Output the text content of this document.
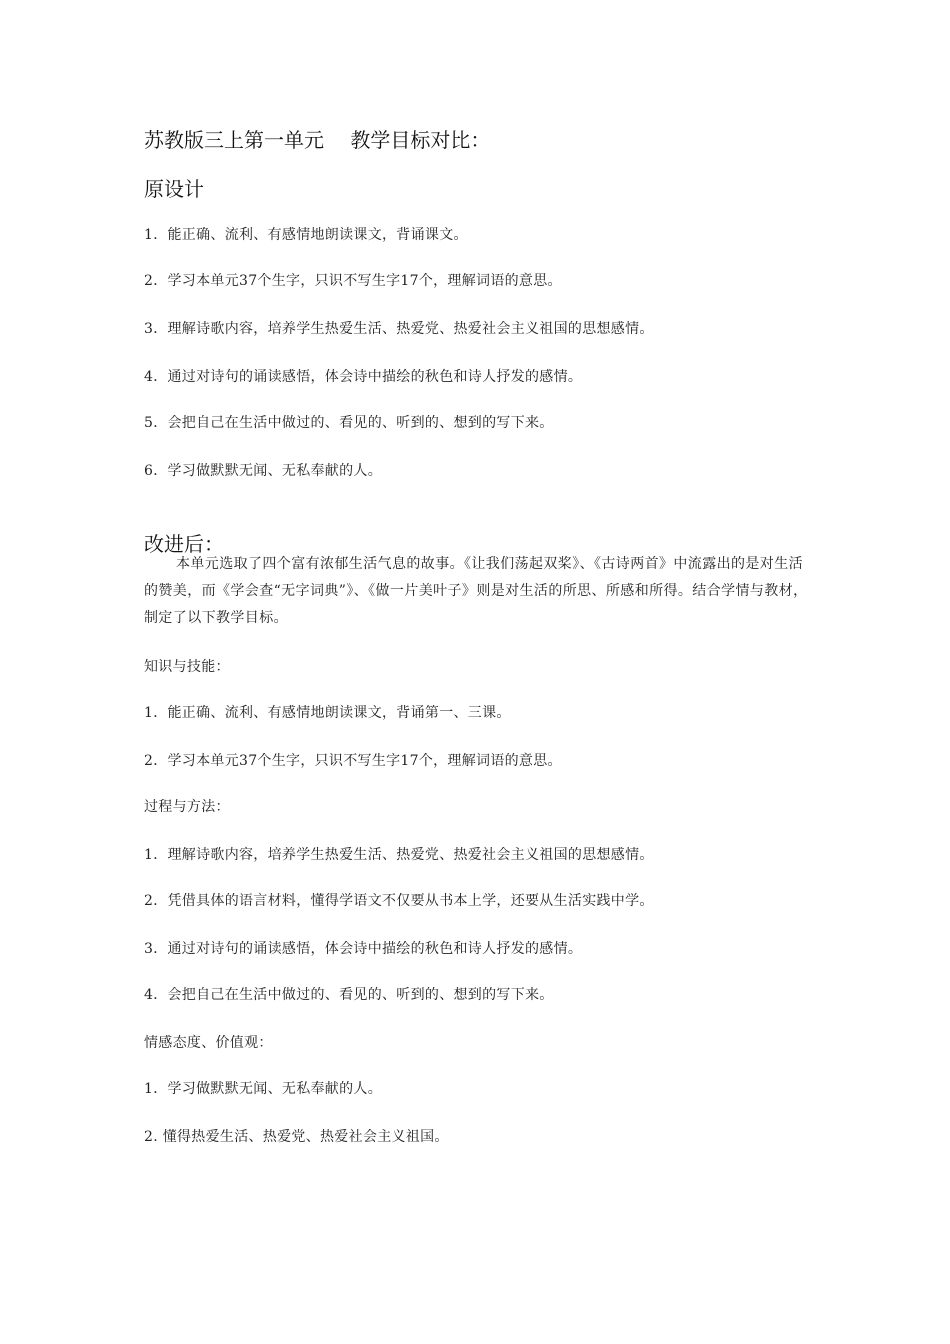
苏教版三上第一单元　 教学目标对比：
原设计

1．能正确、流利、有感情地朗读课文，背诵课文。

2．学习本单元37个生字，只识不写生字17个，理解词语的意思。

3．理解诗歌内容，培养学生热爱生活、热爱党、热爱社会主义祖国的思想感情。

4．通过对诗句的诵读感悟，体会诗中描绘的秋色和诗人抒发的感情。

5．会把自己在生活中做过的、看见的、听到的、想到的写下来。

6．学习做默默无闻、无私奉献的人。

改进后：

本单元选取了四个富有浓郁生活气息的故事。《让我们荡起双桨》、《古诗两首》中流露出的是对生活的赞美，而《学会查“无字词典”》、《做一片美叶子》则是对生活的所思、所感和所得。结合学情与教材，制定了以下教学目标。

知识与技能：

1．能正确、流利、有感情地朗读课文，背诵第一、三课。

2．学习本单元37个生字，只识不写生字17个，理解词语的意思。

过程与方法：

1．理解诗歌内容，培养学生热爱生活、热爱党、热爱社会主义祖国的思想感情。

2．凭借具体的语言材料，懂得学语文不仅要从书本上学，还要从生活实践中学。

3．通过对诗句的诵读感悟，体会诗中描绘的秋色和诗人抒发的感情。

4．会把自己在生活中做过的、看见的、听到的、想到的写下来。

情感态度、价值观：

1．学习做默默无闻、无私奉献的人。

2. 懂得热爱生活、热爱党、热爱社会主义祖国。
